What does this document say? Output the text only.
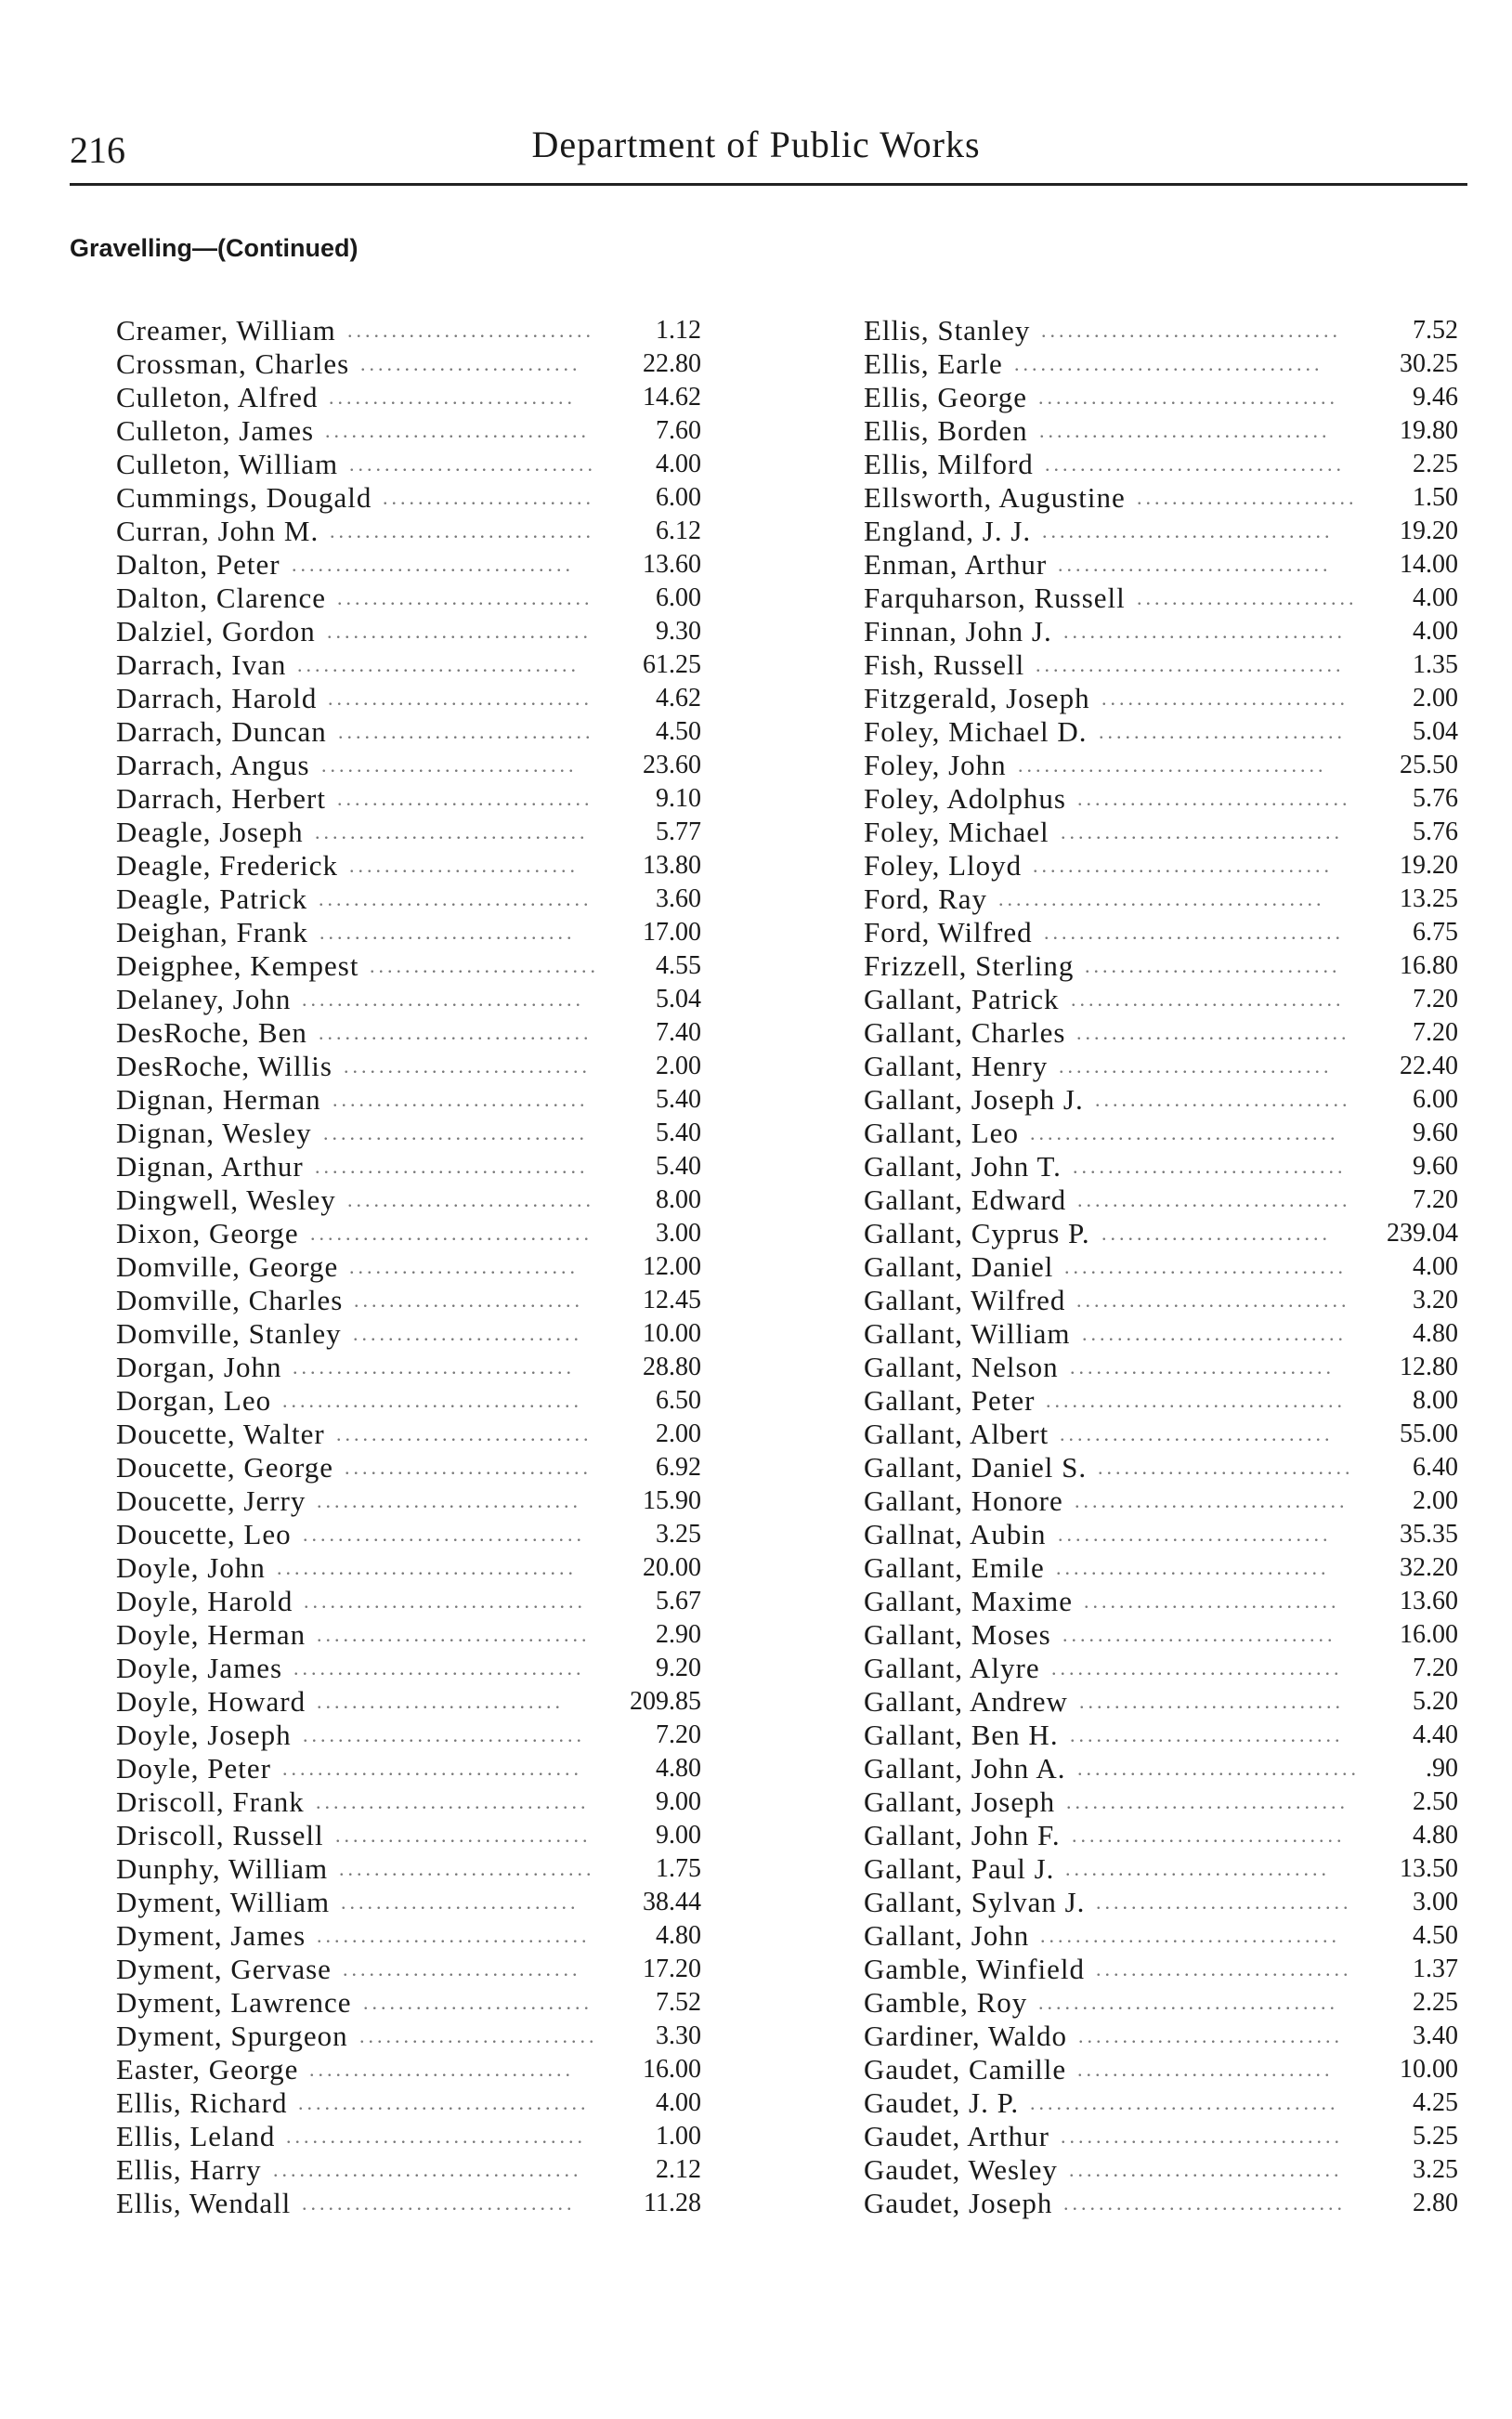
216	Department of Public Works
Gravelling—(Continued)
Creamer, William ............................	1.12
Crossman, Charles .........................	22.80
Culleton, Alfred ............................	14.62
Culleton, James ..............................	7.60
Culleton, William ............................	4.00
Cummings, Dougald ........................	6.00
Curran, John M. ..............................	6.12
Dalton, Peter ................................	13.60
Dalton, Clarence .............................	6.00
Dalziel, Gordon ..............................	9.30
Darrach, Ivan ................................	61.25
Darrach, Harold ..............................	4.62
Darrach, Duncan .............................	4.50
Darrach, Angus .............................	23.60
Darrach, Herbert .............................	9.10
Deagle, Joseph ...............................	5.77
Deagle, Frederick ..........................	13.80
Deagle, Patrick ...............................	3.60
Deighan, Frank .............................	17.00
Deigphee, Kempest ..........................	4.55
Delaney, John ................................	5.04
DesRoche, Ben ...............................	7.40
DesRoche, Willis ............................	2.00
Dignan, Herman .............................	5.40
Dignan, Wesley ..............................	5.40
Dignan, Arthur ...............................	5.40
Dingwell, Wesley ............................	8.00
Dixon, George ................................	3.00
Domville, George ..........................	12.00
Domville, Charles ..........................	12.45
Domville, Stanley ..........................	10.00
Dorgan, John ................................	28.80
Dorgan, Leo ..................................	6.50
Doucette, Walter .............................	2.00
Doucette, George ............................	6.92
Doucette, Jerry ..............................	15.90
Doucette, Leo ................................	3.25
Doyle, John ..................................	20.00
Doyle, Harold ................................	5.67
Doyle, Herman ...............................	2.90
Doyle, James .................................	9.20
Doyle, Howard ............................	209.85
Doyle, Joseph ................................	7.20
Doyle, Peter ..................................	4.80
Driscoll, Frank ...............................	9.00
Driscoll, Russell .............................	9.00
Dunphy, William .............................	1.75
Dyment, William ...........................	38.44
Dyment, James ...............................	4.80
Dyment, Gervase ...........................	17.20
Dyment, Lawrence ..........................	7.52
Dyment, Spurgeon ...........................	3.30
Easter, George ..............................	16.00
Ellis, Richard .................................	4.00
Ellis, Leland ..................................	1.00
Ellis, Harry ...................................	2.12
Ellis, Wendall ...............................	11.28
Ellis, Stanley ..................................	7.52
Ellis, Earle ...................................	30.25
Ellis, George ..................................	9.46
Ellis, Borden .................................	19.80
Ellis, Milford ..................................	2.25
Ellsworth, Augustine .........................	1.50
England, J. J. .................................	19.20
Enman, Arthur ...............................	14.00
Farquharson, Russell .........................	4.00
Finnan, John J. ................................	4.00
Fish, Russell ...................................	1.35
Fitzgerald, Joseph ............................	2.00
Foley, Michael D. ............................	5.04
Foley, John ...................................	25.50
Foley, Adolphus ...............................	5.76
Foley, Michael ................................	5.76
Foley, Lloyd ..................................	19.20
Ford, Ray .....................................	13.25
Ford, Wilfred ..................................	6.75
Frizzell, Sterling .............................	16.80
Gallant, Patrick ...............................	7.20
Gallant, Charles ...............................	7.20
Gallant, Henry ...............................	22.40
Gallant, Joseph J. .............................	6.00
Gallant, Leo ...................................	9.60
Gallant, John T. ...............................	9.60
Gallant, Edward ...............................	7.20
Gallant, Cyprus P. ..........................	239.04
Gallant, Daniel ................................	4.00
Gallant, Wilfred ...............................	3.20
Gallant, William ..............................	4.80
Gallant, Nelson ..............................	12.80
Gallant, Peter ..................................	8.00
Gallant, Albert ...............................	55.00
Gallant, Daniel S. .............................	6.40
Gallant, Honore ...............................	2.00
Gallnat, Aubin ...............................	35.35
Gallant, Emile ...............................	32.20
Gallant, Maxime .............................	13.60
Gallant, Moses ...............................	16.00
Gallant, Alyre .................................	7.20
Gallant, Andrew ..............................	5.20
Gallant, Ben H. ...............................	4.40
Gallant, John A. ................................	.90
Gallant, Joseph ................................	2.50
Gallant, John F. ...............................	4.80
Gallant, Paul J. ..............................	13.50
Gallant, Sylvan J. .............................	3.00
Gallant, John ..................................	4.50
Gamble, Winfield .............................	1.37
Gamble, Roy ..................................	2.25
Gardiner, Waldo ..............................	3.40
Gaudet, Camille .............................	10.00
Gaudet, J. P. ...................................	4.25
Gaudet, Arthur ................................	5.25
Gaudet, Wesley ...............................	3.25
Gaudet, Joseph ................................	2.80
